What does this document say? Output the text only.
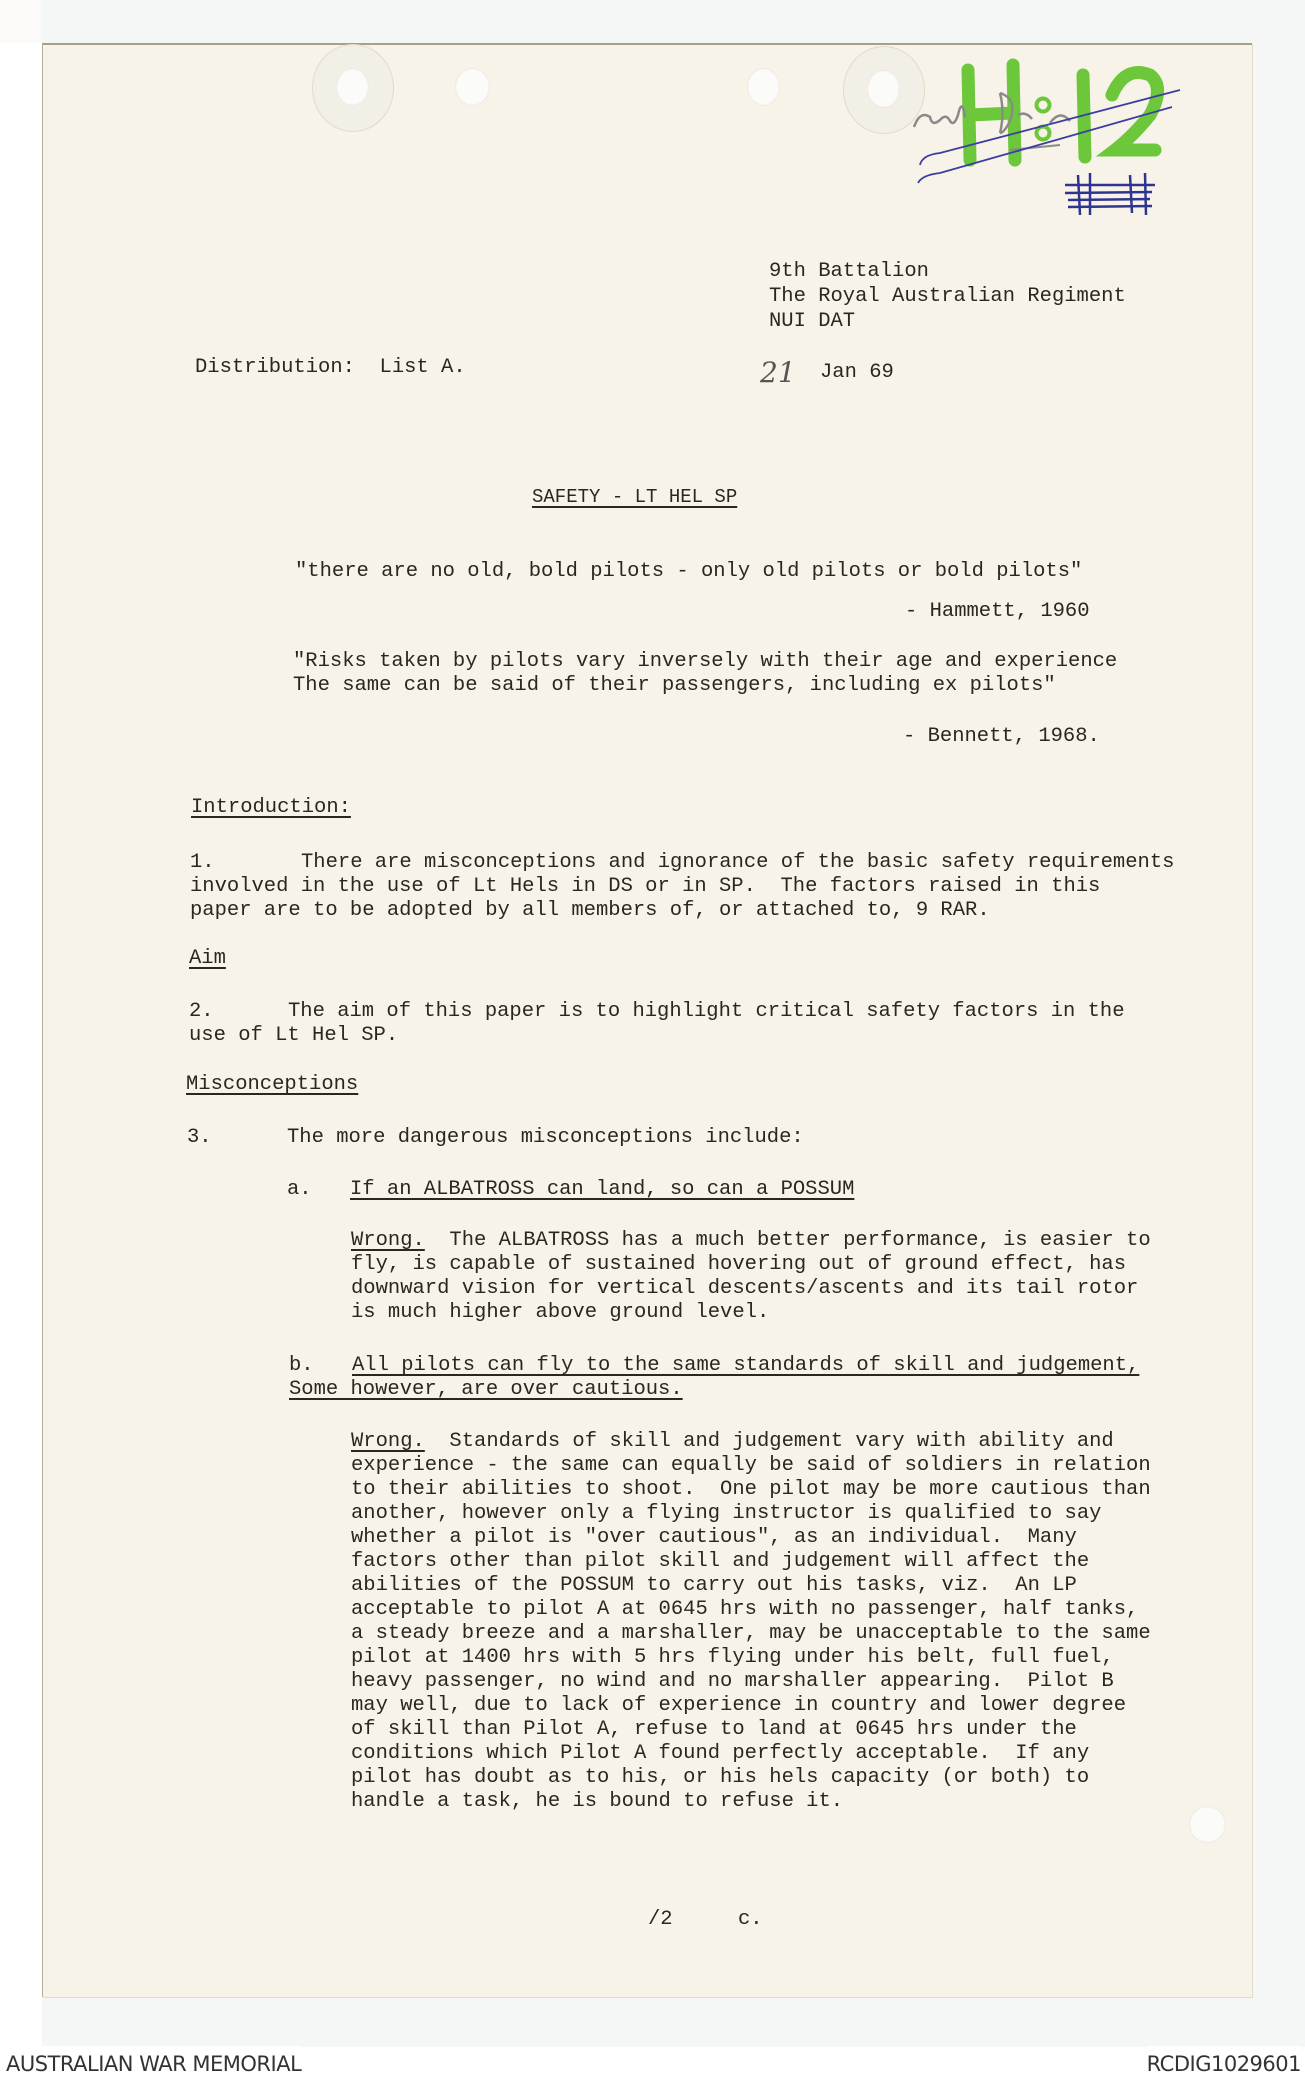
9th Battalion
The Royal Australian Regiment
NUI DAT
Distribution:  List A.	21 Jan 69
SAFETY - LT HEL SP
"there are no old, bold pilots - only old pilots or bold pilots"
- Hammett, 1960
"Risks taken by pilots vary inversely with their age and experience
The same can be said of their passengers, including ex pilots"
- Bennett, 1968.
Introduction:
1.	There are misconceptions and ignorance of the basic safety requirements
involved in the use of Lt Hels in DS or in SP.  The factors raised in this
paper are to be adopted by all members of, or attached to, 9 RAR.
Aim
2.	The aim of this paper is to highlight critical safety factors in the
use of Lt Hel SP.
Misconceptions
3.	The more dangerous misconceptions include:
a. If an ALBATROSS can land, so can a POSSUM
Wrong.  The ALBATROSS has a much better performance, is easier to
fly, is capable of sustained hovering out of ground effect, has
downward vision for vertical descents/ascents and its tail rotor
is much higher above ground level.
b. All pilots can fly to the same standards of skill and judgement,
Some however, are over cautious.
Wrong.  Standards of skill and judgement vary with ability and
experience - the same can equally be said of soldiers in relation
to their abilities to shoot.  One pilot may be more cautious than
another, however only a flying instructor is qualified to say
whether a pilot is "over cautious", as an individual.  Many
factors other than pilot skill and judgement will affect the
abilities of the POSSUM to carry out his tasks, viz.  An LP
acceptable to pilot A at 0645 hrs with no passenger, half tanks,
a steady breeze and a marshaller, may be unacceptable to the same
pilot at 1400 hrs with 5 hrs flying under his belt, full fuel,
heavy passenger, no wind and no marshaller appearing.  Pilot B
may well, due to lack of experience in country and lower degree
of skill than Pilot A, refuse to land at 0645 hrs under the
conditions which Pilot A found perfectly acceptable.  If any
pilot has doubt as to his, or his hels capacity (or both) to
handle a task, he is bound to refuse it.
/2	c.
AUSTRALIAN WAR MEMORIAL	RCDIG1029601
